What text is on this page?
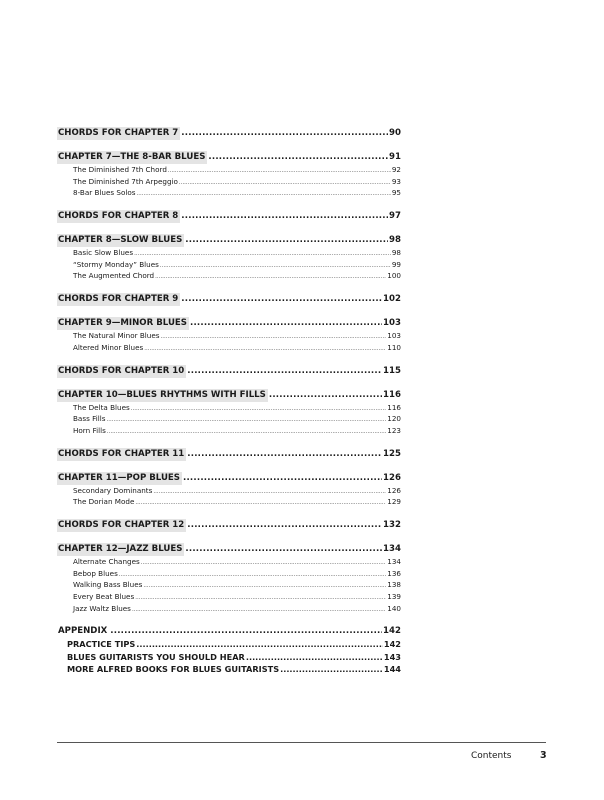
CHORDS FOR CHAPTER 7 .....	90
CHAPTER 7—THE 8-BAR BLUES .....	91
The Diminished 7th Chord .....	92
The Diminished 7th Arpeggio .....	93
8-Bar Blues Solos .....	95
CHORDS FOR CHAPTER 8 .....	97
CHAPTER 8—SLOW BLUES .....	98
Basic Slow Blues .....	98
“Stormy Monday” Blues .....	99
The Augmented Chord .....	100
CHORDS FOR CHAPTER 9 .....	102
CHAPTER 9—MINOR BLUES .....	103
The Natural Minor Blues .....	103
Altered Minor Blues .....	110
CHORDS FOR CHAPTER 10 .....	115
CHAPTER 10—BLUES RHYTHMS WITH FILLS .....	116
The Delta Blues .....	116
Bass Fills .....	120
Horn Fills .....	123
CHORDS FOR CHAPTER 11 .....	125
CHAPTER 11—POP BLUES .....	126
Secondary Dominants .....	126
The Dorian Mode .....	129
CHORDS FOR CHAPTER 12 .....	132
CHAPTER 12—JAZZ BLUES .....	134
Alternate Changes .....	134
Bebop Blues .....	136
Walking Bass Blues .....	138
Every Beat Blues .....	139
Jazz Waltz Blues .....	140
APPENDIX .....	142
PRACTICE TIPS .....	142
BLUES GUITARISTS YOU SHOULD HEAR .....	143
MORE ALFRED BOOKS FOR BLUES GUITARISTS .....	144
Contents	3
